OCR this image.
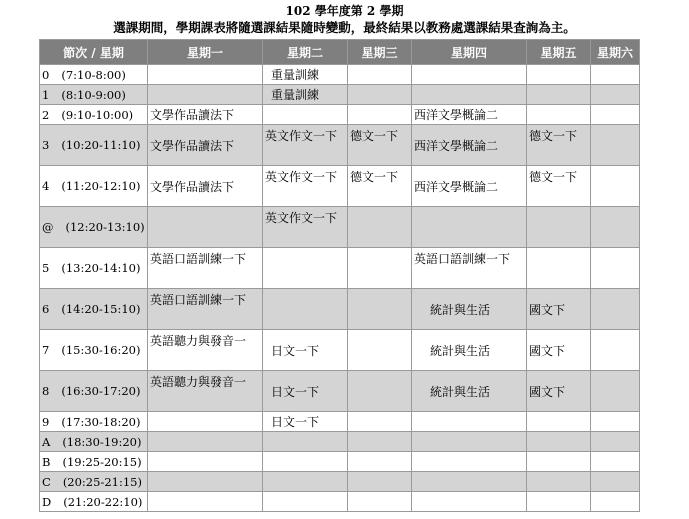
102 學年度第 2 學期
選課期間，學期課表將隨選課結果隨時變動，最終結果以教務處選課結果查詢為主。
節次 / 星期	星期一	星期二	星期三	星期四	星期五	星期六
0 (7:10-8:00)		重量訓練				
1 (8:10-9:00)		重量訓練				
2 (9:10-10:00)	文學作品讀法下			西洋文學概論二		
3 (10:20-11:10)	文學作品讀法下	英文作文一下	德文一下	西洋文學概論二	德文一下	
4 (11:20-12:10)	文學作品讀法下	英文作文一下	德文一下	西洋文學概論二	德文一下	
@ (12:20-13:10)		英文作文一下				
5 (13:20-14:10)	英語口語訓練一下			英語口語訓練一下		
6 (14:20-15:10)	英語口語訓練一下			統計與生活	國文下	
7 (15:30-16:20)	英語聽力與發音一	日文一下		統計與生活	國文下	
8 (16:30-17:20)	英語聽力與發音一	日文一下		統計與生活	國文下	
9 (17:30-18:20)		日文一下				
A (18:30-19:20)						
B (19:25-20:15)						
C (20:25-21:15)						
D (21:20-22:10)						
